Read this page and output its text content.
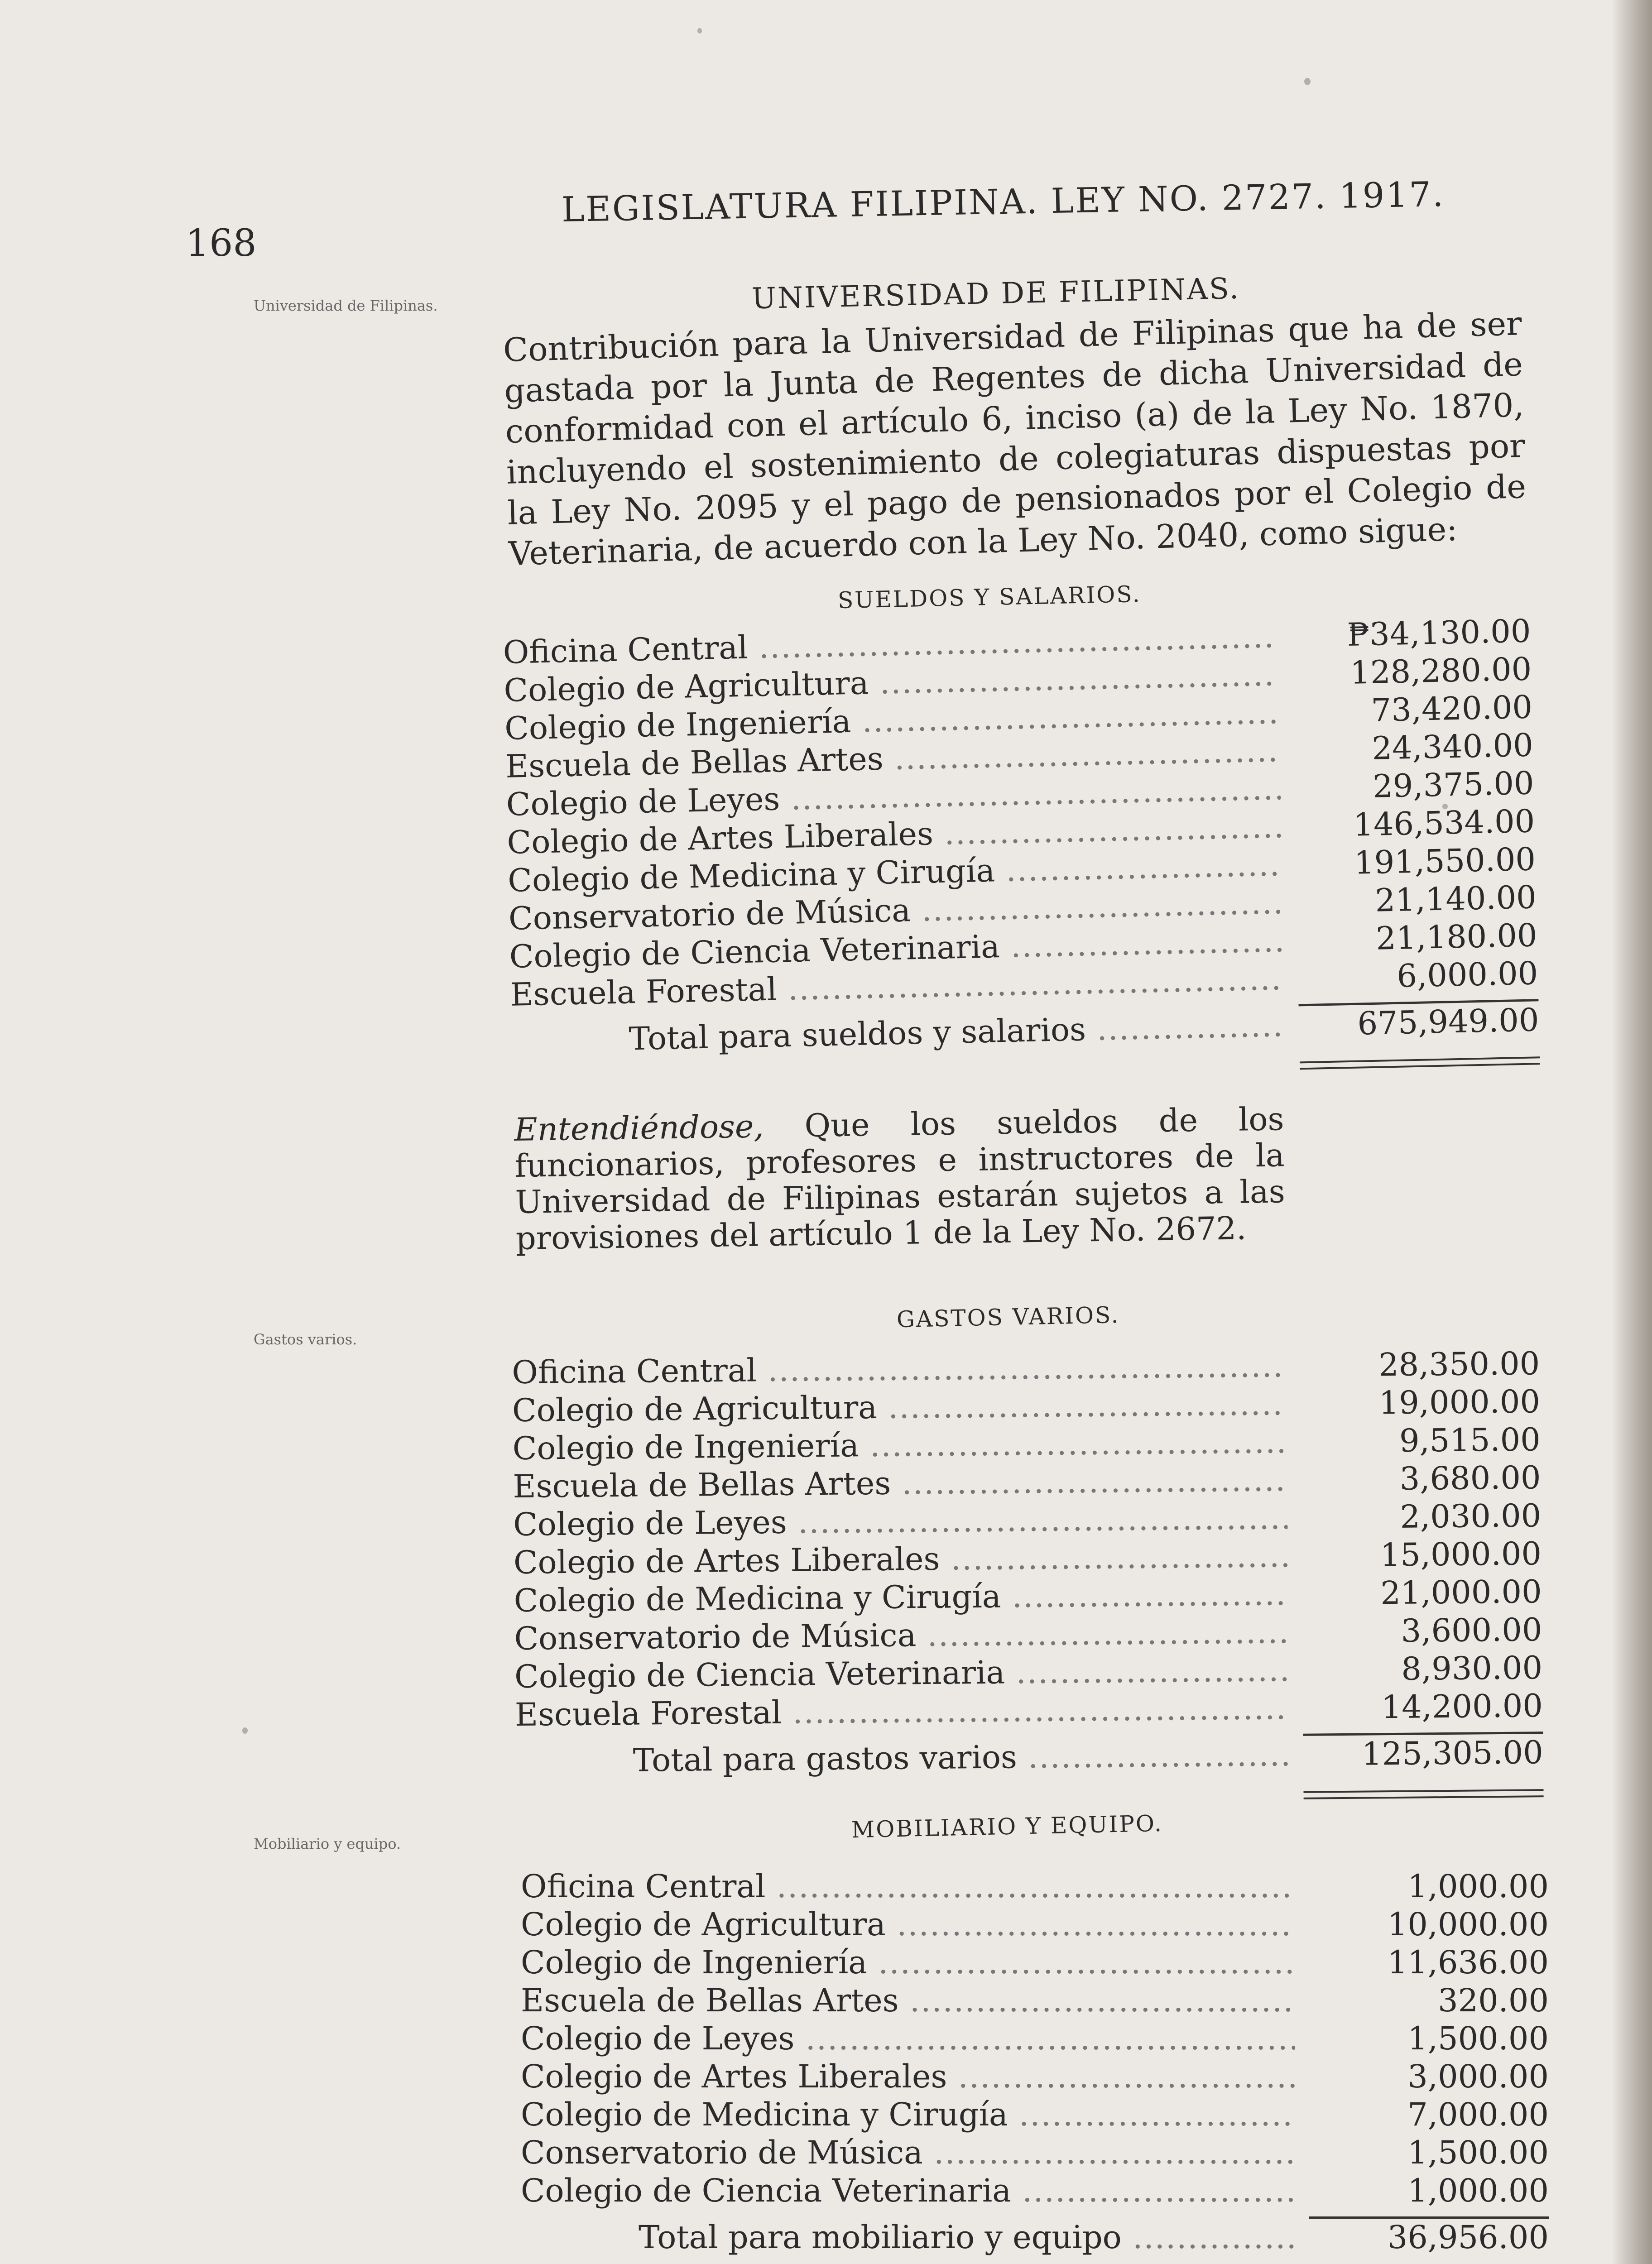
168
LEGISLATURA FILIPINA. LEY NO. 2727. 1917.
Universidad de Filipinas.
Gastos varios.
Mobiliario y equipo.
UNIVERSIDAD DE FILIPINAS.
Contribución para la Universidad de Filipinas que ha de ser gastada por la Junta de Regentes de dicha Universidad de conformidad con el artículo 6, inciso (a) de la Ley No. 1870, incluyendo el sostenimiento de colegiaturas dispuestas por la Ley No. 2095 y el pago de pensionados por el Colegio de Veterinaria, de acuerdo con la Ley No. 2040, como sigue:
SUELDOS Y SALARIOS.
Oficina Central .....	₱34,130.00
Colegio de Agricultura .....	128,280.00
Colegio de Ingeniería .....	73,420.00
Escuela de Bellas Artes .....	24,340.00
Colegio de Leyes .....	29,375.00
Colegio de Artes Liberales .....	146,534.00
Colegio de Medicina y Cirugía .....	191,550.00
Conservatorio de Música .....	21,140.00
Colegio de Ciencia Veterinaria .....	21,180.00
Escuela Forestal .....	6,000.00
Total para sueldos y salarios .....	675,949.00
Entendiéndose, Que los sueldos de los funcionarios, profesores e instructores de la Universidad de Filipinas estarán sujetos a las provisiones del artículo 1 de la Ley No. 2672.
GASTOS VARIOS.
Oficina Central .....	28,350.00
Colegio de Agricultura .....	19,000.00
Colegio de Ingeniería .....	9,515.00
Escuela de Bellas Artes .....	3,680.00
Colegio de Leyes .....	2,030.00
Colegio de Artes Liberales .....	15,000.00
Colegio de Medicina y Cirugía .....	21,000.00
Conservatorio de Música .....	3,600.00
Colegio de Ciencia Veterinaria .....	8,930.00
Escuela Forestal .....	14,200.00
Total para gastos varios .....	125,305.00
MOBILIARIO Y EQUIPO.
Oficina Central .....	1,000.00
Colegio de Agricultura .....	10,000.00
Colegio de Ingeniería .....	11,636.00
Escuela de Bellas Artes .....	320.00
Colegio de Leyes .....	1,500.00
Colegio de Artes Liberales .....	3,000.00
Colegio de Medicina y Cirugía .....	7,000.00
Conservatorio de Música .....	1,500.00
Colegio de Ciencia Veterinaria .....	1,000.00
Total para mobiliario y equipo .....	36,956.00
